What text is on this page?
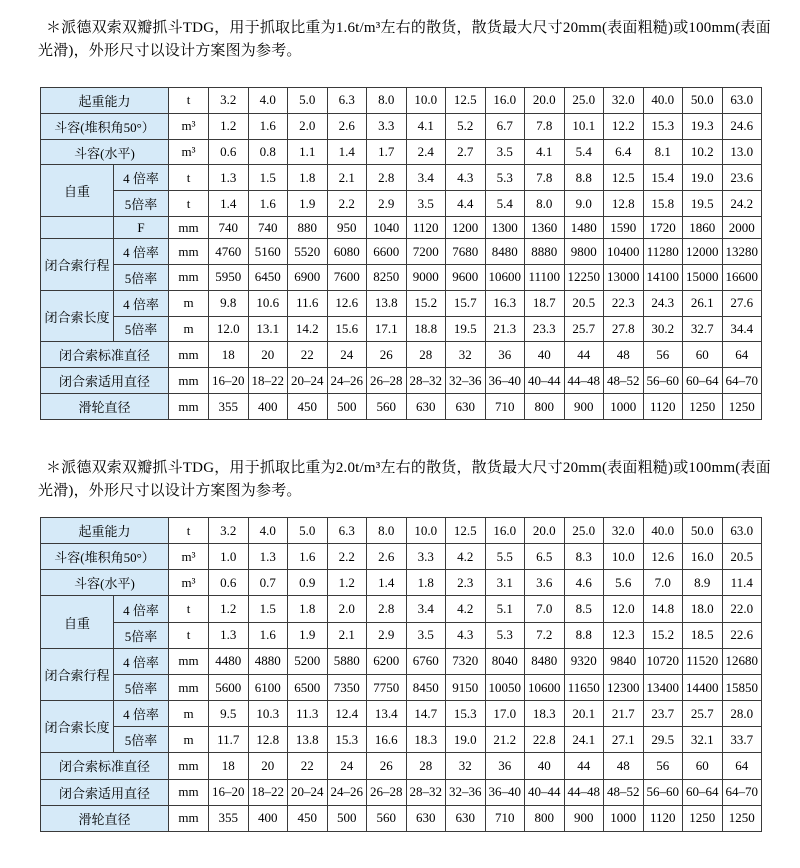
＊派德双索双瓣抓斗TDG，用于抓取比重为1.6t/m³左右的散货，散货最大尺寸20mm(表面粗糙)或100mm(表面光滑)，外形尺寸以设计方案图为参考。

起重能力		t	3.2	4.0	5.0	6.3	8.0	10.0	12.5	16.0	20.0	25.0	32.0	40.0	50.0	63.0
斗容(堆积角50°）		m³	1.2	1.6	2.0	2.6	3.3	4.1	5.2	6.7	7.8	10.1	12.2	15.3	19.3	24.6
斗容(水平)		m³	0.6	0.8	1.1	1.4	1.7	2.4	2.7	3.5	4.1	5.4	6.4	8.1	10.2	13.0
自重	4 倍率	t	1.3	1.5	1.8	2.1	2.8	3.4	4.3	5.3	7.8	8.8	12.5	15.4	19.0	23.6
	5倍率	t	1.4	1.6	1.9	2.2	2.9	3.5	4.4	5.4	8.0	9.0	12.8	15.8	19.5	24.2
	F	mm	740	740	880	950	1040	1120	1200	1300	1360	1480	1590	1720	1860	2000
闭合索行程	4 倍率	mm	4760	5160	5520	6080	6600	7200	7680	8480	8880	9800	10400	11280	12000	13280
	5倍率	mm	5950	6450	6900	7600	8250	9000	9600	10600	11100	12250	13000	14100	15000	16600
闭合索长度	4 倍率	m	9.8	10.6	11.6	12.6	13.8	15.2	15.7	16.3	18.7	20.5	22.3	24.3	26.1	27.6
	5倍率	m	12.0	13.1	14.2	15.6	17.1	18.8	19.5	21.3	23.3	25.7	27.8	30.2	32.7	34.4
闭合索标准直径		mm	18	20	22	24	26	28	32	36	40	44	48	56	60	64
闭合索适用直径		mm	16–20	18–22	20–24	24–26	26–28	28–32	32–36	36–40	40–44	44–48	48–52	56–60	60–64	64–70
滑轮直径		mm	355	400	450	500	560	630	630	710	800	900	1000	1120	1250	1250

＊派德双索双瓣抓斗TDG，用于抓取比重为2.0t/m³左右的散货，散货最大尺寸20mm(表面粗糙)或100mm(表面光滑)，外形尺寸以设计方案图为参考。

起重能力		t	3.2	4.0	5.0	6.3	8.0	10.0	12.5	16.0	20.0	25.0	32.0	40.0	50.0	63.0
斗容(堆积角50°）		m³	1.0	1.3	1.6	2.2	2.6	3.3	4.2	5.5	6.5	8.3	10.0	12.6	16.0	20.5
斗容(水平)		m³	0.6	0.7	0.9	1.2	1.4	1.8	2.3	3.1	3.6	4.6	5.6	7.0	8.9	11.4
自重	4 倍率	t	1.2	1.5	1.8	2.0	2.8	3.4	4.2	5.1	7.0	8.5	12.0	14.8	18.0	22.0
	5倍率	t	1.3	1.6	1.9	2.1	2.9	3.5	4.3	5.3	7.2	8.8	12.3	15.2	18.5	22.6
闭合索行程	4 倍率	mm	4480	4880	5200	5880	6200	6760	7320	8040	8480	9320	9840	10720	11520	12680
	5倍率	mm	5600	6100	6500	7350	7750	8450	9150	10050	10600	11650	12300	13400	14400	15850
闭合索长度	4 倍率	m	9.5	10.3	11.3	12.4	13.4	14.7	15.3	17.0	18.3	20.1	21.7	23.7	25.7	28.0
	5倍率	m	11.7	12.8	13.8	15.3	16.6	18.3	19.0	21.2	22.8	24.1	27.1	29.5	32.1	33.7
闭合索标准直径		mm	18	20	22	24	26	28	32	36	40	44	48	56	60	64
闭合索适用直径		mm	16–20	18–22	20–24	24–26	26–28	28–32	32–36	36–40	40–44	44–48	48–52	56–60	60–64	64–70
滑轮直径		mm	355	400	450	500	560	630	630	710	800	900	1000	1120	1250	1250
